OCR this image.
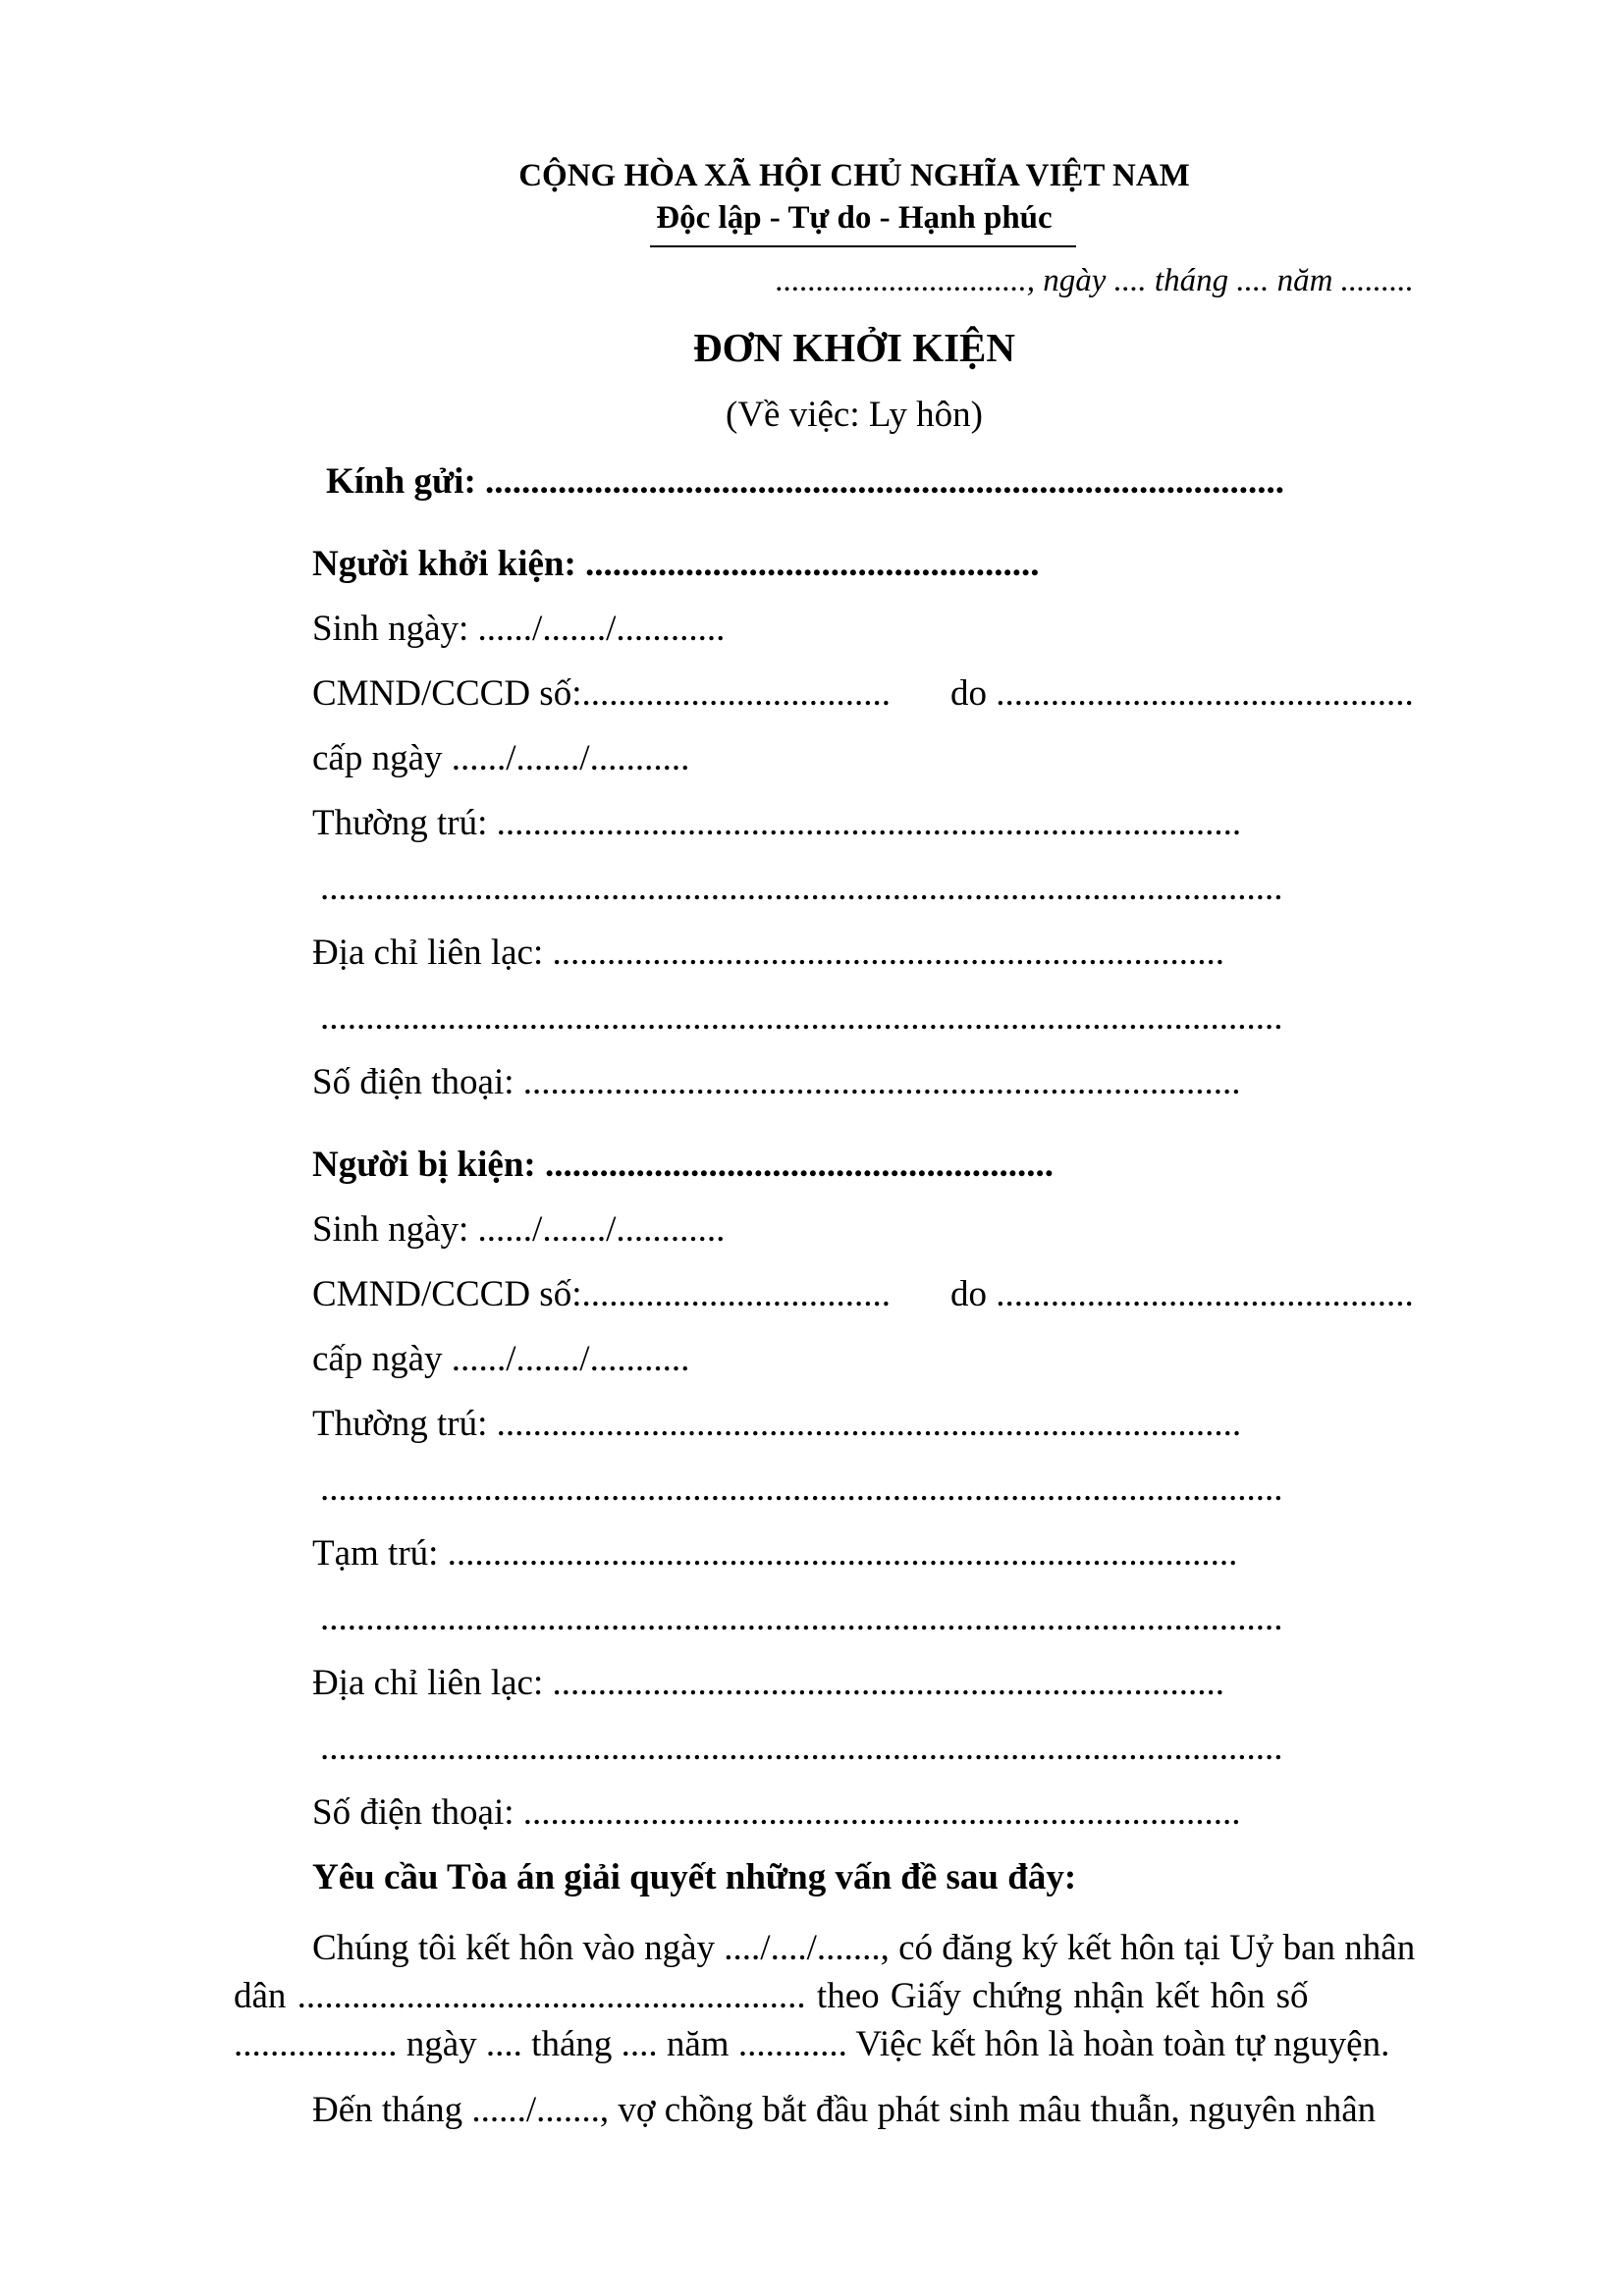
CỘNG HÒA XÃ HỘI CHỦ NGHĨA VIỆT NAM
Độc lập - Tự do - Hạnh phúc
..............................., ngày .... tháng .... năm .........
ĐƠN KHỞI KIỆN
(Về việc: Ly hôn)
Kính gửi: ........................................................................................
Người khởi kiện: ..................................................
Sinh ngày: ....../......./............
CMND/CCCD số:.................................. do ..............................................
cấp ngày ....../......./...........
Thường trú: ..................................................................................
..........................................................................................................
Địa chỉ liên lạc: ..........................................................................
..........................................................................................................
Số điện thoại: ...............................................................................
Người bị kiện: ........................................................
Sinh ngày: ....../......./............
CMND/CCCD số:.................................. do ..............................................
cấp ngày ....../......./...........
Thường trú: ..................................................................................
..........................................................................................................
Tạm trú: .......................................................................................
..........................................................................................................
Địa chỉ liên lạc: ..........................................................................
..........................................................................................................
Số điện thoại: ...............................................................................
Yêu cầu Tòa án giải quyết những vấn đề sau đây:
Chúng tôi kết hôn vào ngày ..../..../......., có đăng ký kết hôn tại Uỷ ban nhân
dân ........................................................ theo Giấy chứng nhận kết hôn số
.................. ngày .... tháng .... năm ............ Việc kết hôn là hoàn toàn tự nguyện.
Đến tháng ....../......., vợ chồng bắt đầu phát sinh mâu thuẫn, nguyên nhân
